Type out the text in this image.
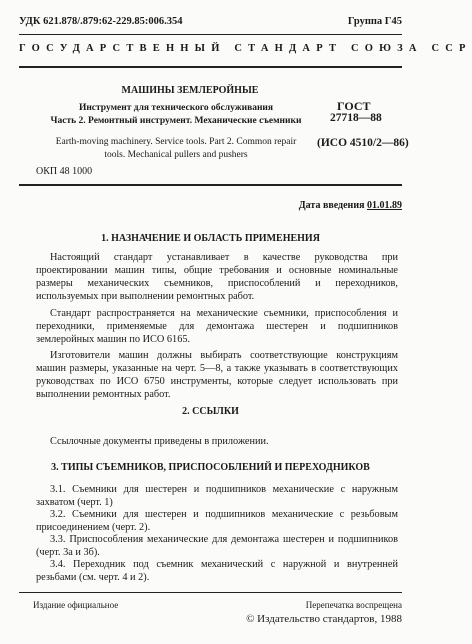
УДК 621.878/.879:62-229.85:006.354	Группа Г45
ГОСУДАРСТВЕННЫЙ СТАНДАРТ СОЮЗА ССР
МАШИНЫ ЗЕМЛЕРОЙНЫЕ
Инструмент для технического обслуживания
Часть 2. Ремонтный инструмент. Механические съемники
ГОСТ
27718—88
(ИСО 4510/2—86)
Earth-moving machinery. Service tools. Part 2. Common repair
tools. Mechanical pullers and pushers
ОКП 48 1000
Дата введения 01.01.89
1. НАЗНАЧЕНИЕ И ОБЛАСТЬ ПРИМЕНЕНИЯ
Настоящий стандарт устанавливает в качестве руководства при проектировании машин типы, общие требования и основные номинальные размеры механических съемников, приспособлений и переходников, используемых при выполнении ремонтных работ.
Стандарт распространяется на механические съемники, приспособления и переходники, применяемые для демонтажа шестерен и подшипников землеройных машин по ИСО 6165.
Изготовители машин должны выбирать соответствующие конструкциям машин размеры, указанные на черт. 5—8, а также указывать в соответствующих руководствах по ИСО 6750 инструменты, которые следует использовать при выполнении ремонтных работ.
2. ССЫЛКИ
Ссылочные документы приведены в приложении.
3. ТИПЫ СЪЕМНИКОВ, ПРИСПОСОБЛЕНИЙ И ПЕРЕХОДНИКОВ
3.1. Съемники для шестерен и подшипников механические с наружным захватом (черт. 1)
3.2. Съемники для шестерен и подшипников механические с резьбовым присоединением (черт. 2).
3.3. Приспособления механические для демонтажа шестерен и подшипников (черт. 3а и 3б).
3.4. Переходник под съемник механический с наружной и внутренней резьбами (см. черт. 4 и 2).
Издание официальное	Перепечатка воспрещена
© Издательство стандартов, 1988
